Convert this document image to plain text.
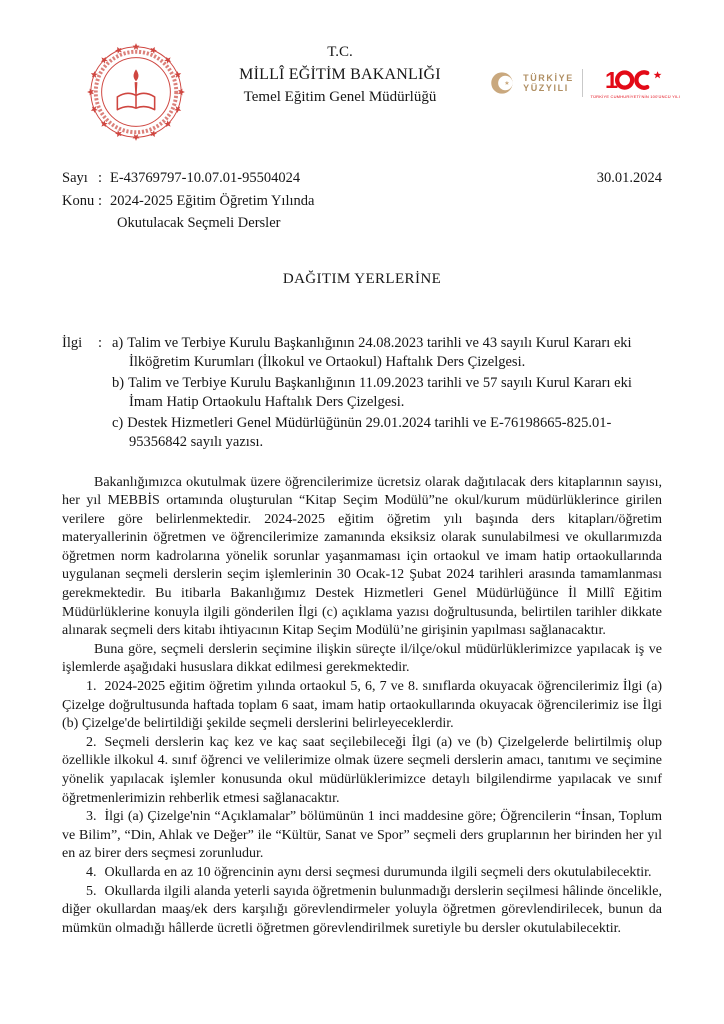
T.C.
MİLLÎ EĞİTİM BAKANLIĞI
Temel Eğitim Genel Müdürlüğü
TÜRKİYE
YÜZYILI 1
TÜRKİYE CUMHURİYETİ'NİN 100'ÜNCÜ YILI
Sayı : E-43769797-10.07.01-95504024	30.01.2024
Konu : 2024-2025 Eğitim Öğretim Yılında
Okutulacak Seçmeli Dersler
DAĞITIM YERLERİNE
İlgi	: a) Talim ve Terbiye Kurulu Başkanlığının 24.08.2023 tarihli ve 43 sayılı Kurul Kararı eki İlköğretim Kurumları (İlkokul ve Ortaokul) Haftalık Ders Çizelgesi.
b) Talim ve Terbiye Kurulu Başkanlığının 11.09.2023 tarihli ve 57 sayılı Kurul Kararı eki İmam Hatip Ortaokulu Haftalık Ders Çizelgesi.
c) Destek Hizmetleri Genel Müdürlüğünün 29.01.2024 tarihli ve E-76198665-825.01-95356842 sayılı yazısı.
Bakanlığımızca okutulmak üzere öğrencilerimize ücretsiz olarak dağıtılacak ders kitaplarının sayısı, her yıl MEBBİS ortamında oluşturulan “Kitap Seçim Modülü”ne okul/kurum müdürlüklerince girilen verilere göre belirlenmektedir. 2024-2025 eğitim öğretim yılı başında ders kitapları/öğretim materyallerinin öğretmen ve öğrencilerimize zamanında eksiksiz olarak sunulabilmesi ve okullarımızda öğretmen norm kadrolarına yönelik sorunlar yaşanmaması için ortaokul ve imam hatip ortaokullarında uygulanan seçmeli derslerin seçim işlemlerinin 30 Ocak-12 Şubat 2024 tarihleri arasında tamamlanması gerekmektedir. Bu itibarla Bakanlığımız Destek Hizmetleri Genel Müdürlüğünce İl Millî Eğitim Müdürlüklerine konuyla ilgili gönderilen İlgi (c) açıklama yazısı doğrultusunda, belirtilen tarihler dikkate alınarak seçmeli ders kitabı ihtiyacının Kitap Seçim Modülü’ne girişinin yapılması sağlanacaktır.
Buna göre, seçmeli derslerin seçimine ilişkin süreçte il/ilçe/okul müdürlüklerimizce yapılacak iş ve işlemlerde aşağıdaki hususlara dikkat edilmesi gerekmektedir.
1. 2024-2025 eğitim öğretim yılında ortaokul 5, 6, 7 ve 8. sınıflarda okuyacak öğrencilerimiz İlgi (a) Çizelge doğrultusunda haftada toplam 6 saat, imam hatip ortaokullarında okuyacak öğrencilerimiz ise İlgi (b) Çizelge'de belirtildiği şekilde seçmeli derslerini belirleyeceklerdir.
2. Seçmeli derslerin kaç kez ve kaç saat seçilebileceği İlgi (a) ve (b) Çizelgelerde belirtilmiş olup özellikle ilkokul 4. sınıf öğrenci ve velilerimize olmak üzere seçmeli derslerin amacı, tanıtımı ve seçimine yönelik yapılacak işlemler konusunda okul müdürlüklerimizce detaylı bilgilendirme yapılacak ve sınıf öğretmenlerimizin rehberlik etmesi sağlanacaktır.
3. İlgi (a) Çizelge'nin “Açıklamalar” bölümünün 1 inci maddesine göre; Öğrencilerin “İnsan, Toplum ve Bilim”, “Din, Ahlak ve Değer” ile “Kültür, Sanat ve Spor” seçmeli ders gruplarının her birinden her yıl en az birer ders seçmesi zorunludur.
4. Okullarda en az 10 öğrencinin aynı dersi seçmesi durumunda ilgili seçmeli ders okutulabilecektir.
5. Okullarda ilgili alanda yeterli sayıda öğretmenin bulunmadığı derslerin seçilmesi hâlinde öncelikle, diğer okullardan maaş/ek ders karşılığı görevlendirmeler yoluyla öğretmen görevlendirilecek, bunun da mümkün olmadığı hâllerde ücretli öğretmen görevlendirilmek suretiyle bu dersler okutulabilecektir.
